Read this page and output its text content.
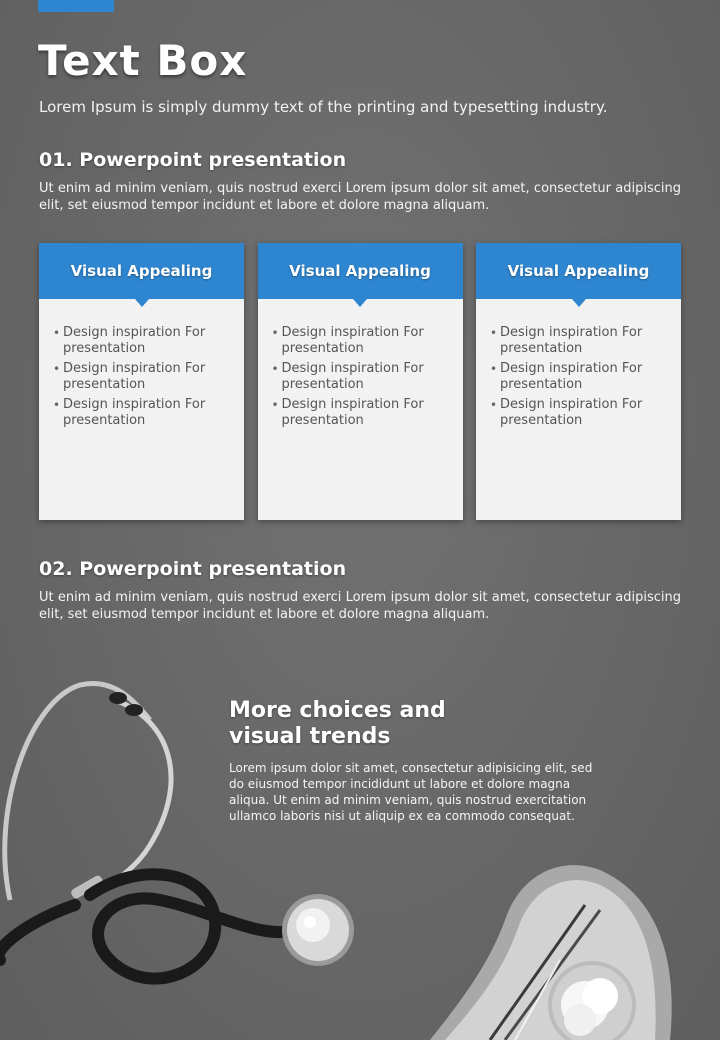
Text Box
Lorem Ipsum is simply dummy text of the printing and typesetting industry.
01. Powerpoint presentation
Ut enim ad minim veniam, quis nostrud exerci Lorem ipsum dolor sit amet, consectetur adipiscing elit, set eiusmod tempor incidunt et labore et dolore magna aliquam.
Visual Appealing
• Design inspiration For presentation
• Design inspiration For presentation
• Design inspiration For presentation
Visual Appealing
• Design inspiration For presentation
• Design inspiration For presentation
• Design inspiration For presentation
Visual Appealing
• Design inspiration For presentation
• Design inspiration For presentation
• Design inspiration For presentation
02. Powerpoint presentation
Ut enim ad minim veniam, quis nostrud exerci Lorem ipsum dolor sit amet, consectetur adipiscing elit, set eiusmod tempor incidunt et labore et dolore magna aliquam.
More choices and visual trends
Lorem ipsum dolor sit amet, consectetur adipisicing elit, sed do eiusmod tempor incididunt ut labore et dolore magna aliqua. Ut enim ad minim veniam, quis nostrud exercitation ullamco laboris nisi ut aliquip ex ea commodo consequat.
